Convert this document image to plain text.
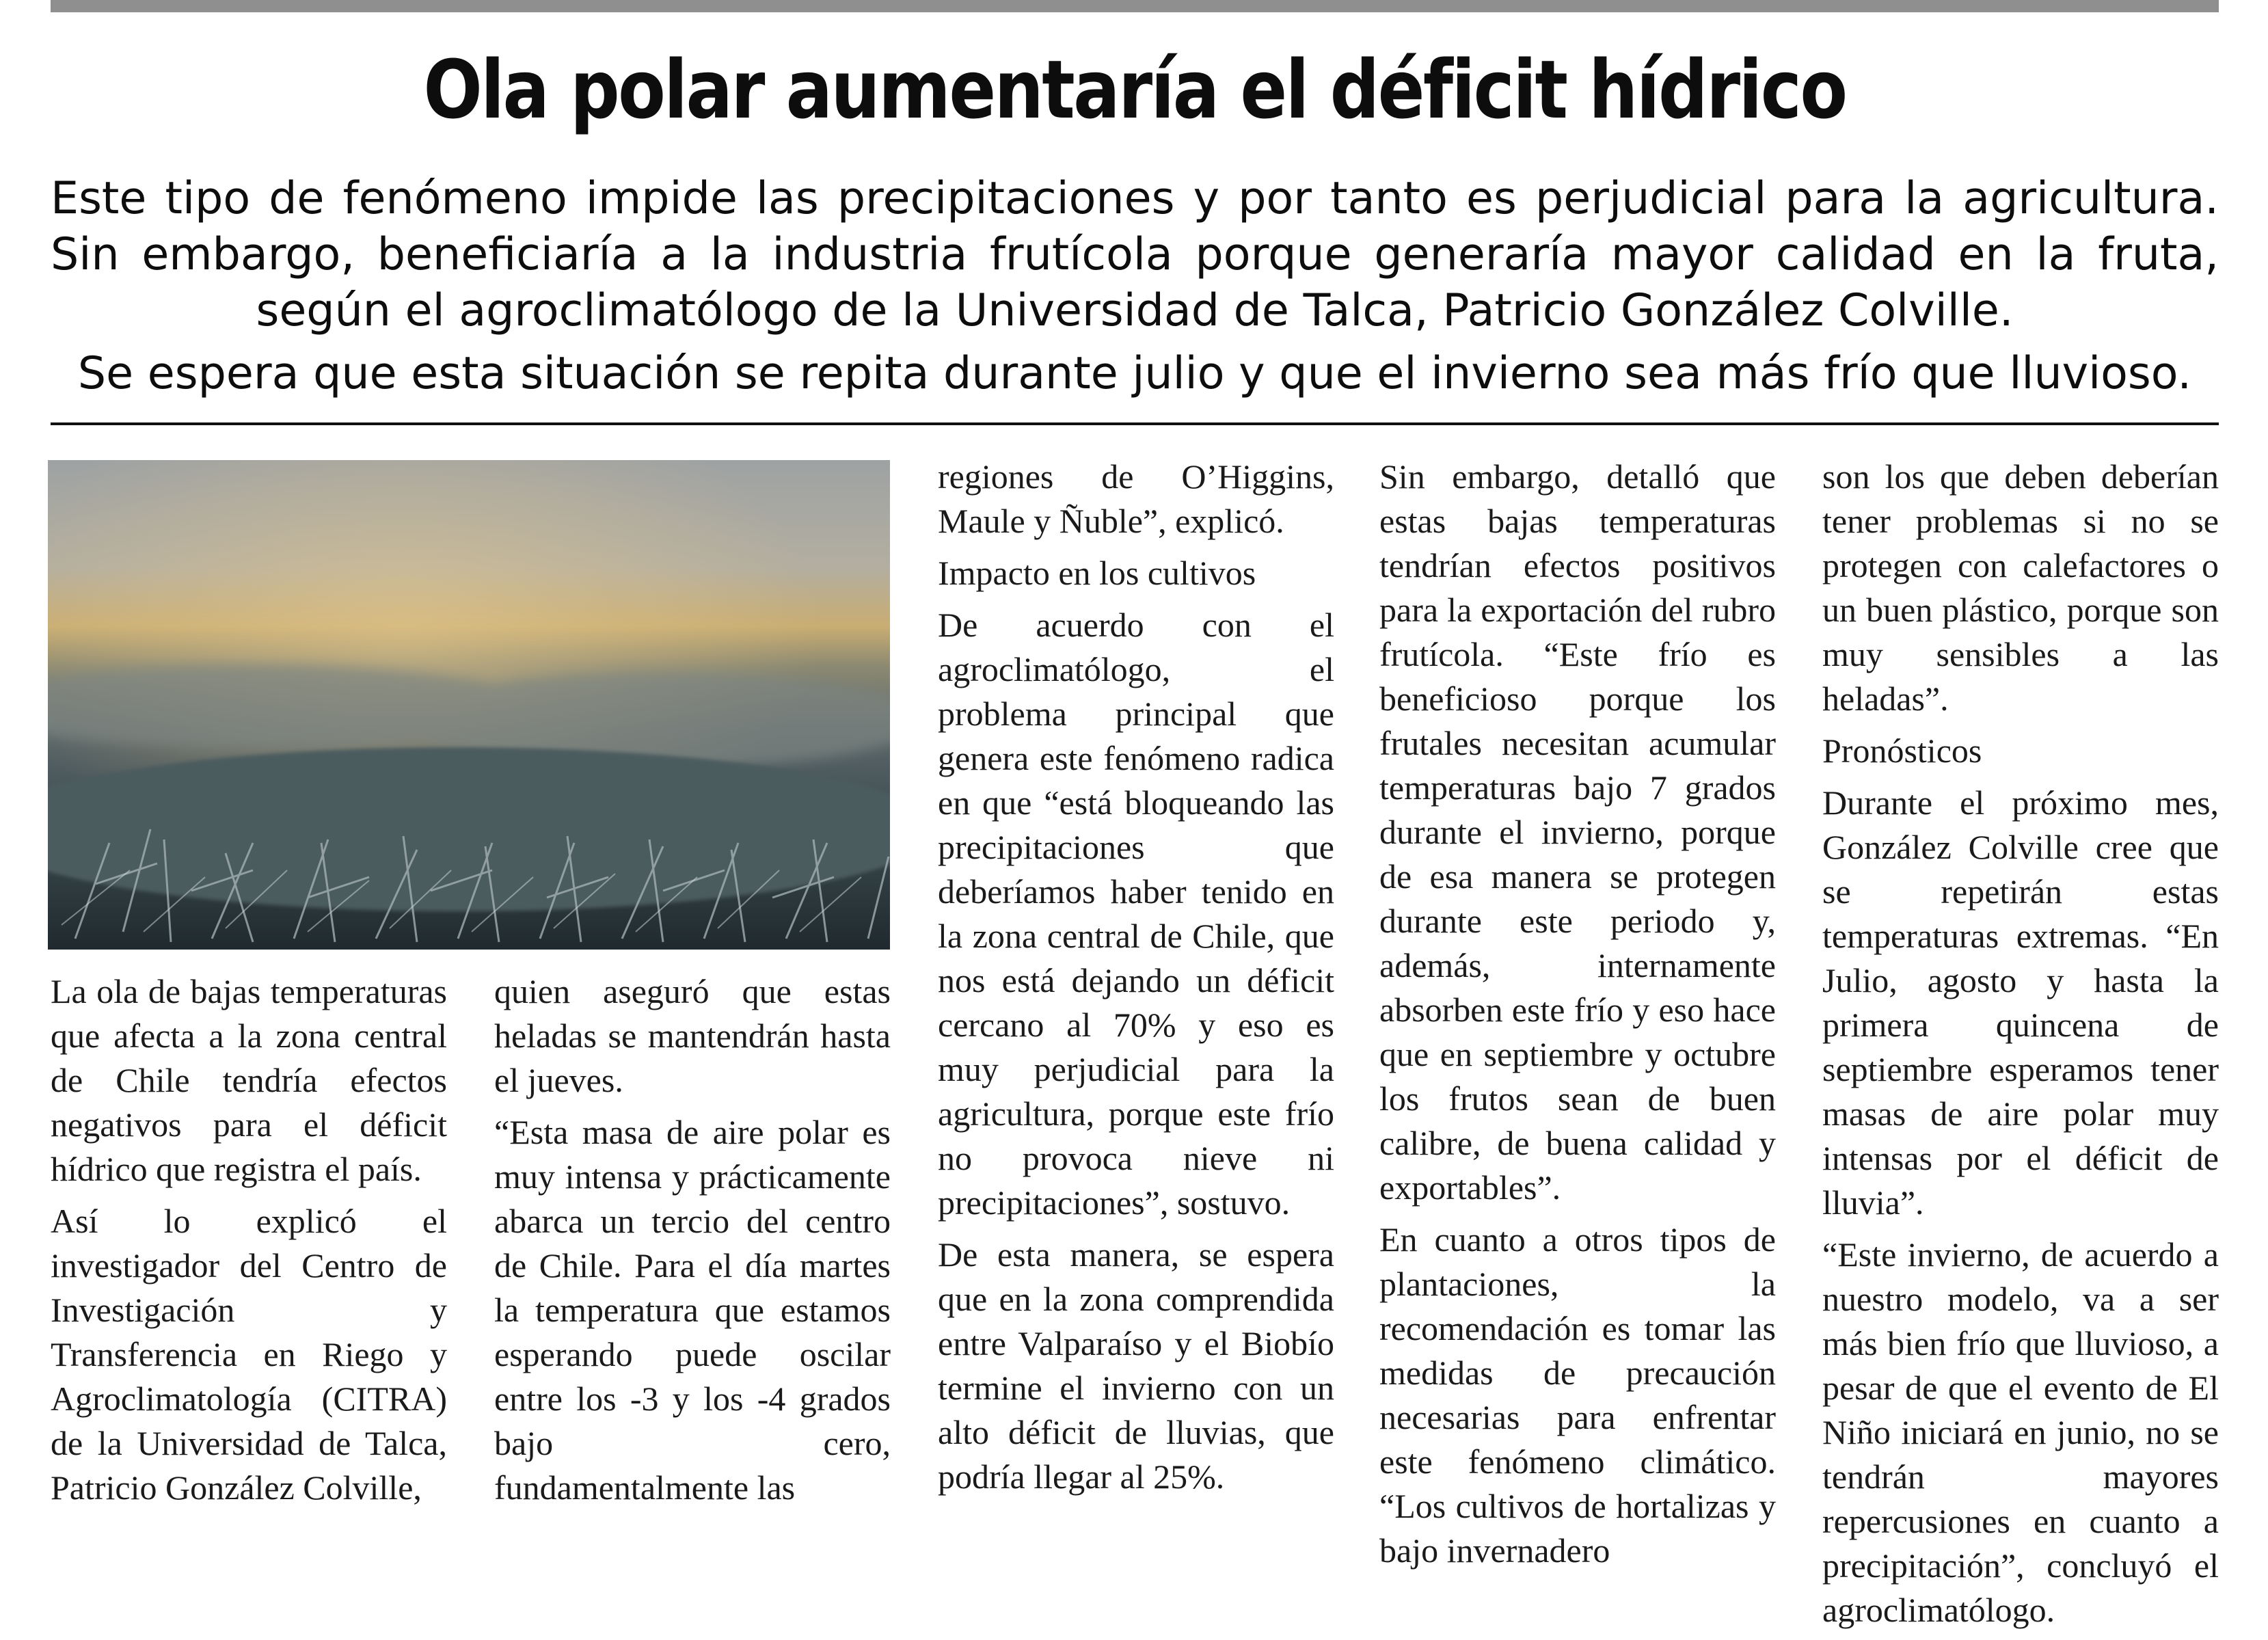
Ola polar aumentaría el déficit hídrico

Este tipo de fenómeno impide las precipitaciones y por tanto es perjudicial para la agricultura. Sin embargo, beneficiaría a la industria frutícola porque generaría mayor calidad en la fruta, según el agroclimatólogo de la Universidad de Talca, Patricio González Colville.

Se espera que esta situación se repita durante julio y que el invierno sea más frío que lluvioso.

La ola de bajas temperaturas que afecta a la zona central de Chile tendría efectos negativos para el déficit hídrico que registra el país.

Así lo explicó el investigador del Centro de Investigación y Transferencia en Riego y Agroclimatología (CITRA) de la Universidad de Talca, Patricio González Colville,

quien aseguró que estas heladas se mantendrán hasta el jueves.

“Esta masa de aire polar es muy intensa y prácticamente abarca un tercio del centro de Chile. Para el día martes la temperatura que estamos esperando puede oscilar entre los -3 y los -4 grados bajo cero, fundamentalmente las

regiones de O’Higgins, Maule y Ñuble”, explicó.

Impacto en los cultivos

De acuerdo con el agroclimatólogo, el problema principal que genera este fenómeno radica en que “está bloqueando las precipitaciones que deberíamos haber tenido en la zona central de Chile, que nos está dejando un déficit cercano al 70% y eso es muy perjudicial para la agricultura, porque este frío no provoca nieve ni precipitaciones”, sostuvo.

De esta manera, se espera que en la zona comprendida entre Valparaíso y el Biobío termine el invierno con un alto déficit de lluvias, que podría llegar al 25%.

Sin embargo, detalló que estas bajas temperaturas tendrían efectos positivos para la exportación del rubro frutícola. “Este frío es beneficioso porque los frutales necesitan acumular temperaturas bajo 7 grados durante el invierno, porque de esa manera se protegen durante este periodo y, además, internamente absorben este frío y eso hace que en septiembre y octubre los frutos sean de buen calibre, de buena calidad y exportables”.

En cuanto a otros tipos de plantaciones, la recomendación es tomar las medidas de precaución necesarias para enfrentar este fenómeno climático. “Los cultivos de hortalizas y bajo invernadero

son los que deben deberían tener problemas si no se protegen con calefactores o un buen plástico, porque son muy sensibles a las heladas”.

Pronósticos

Durante el próximo mes, González Colville cree que se repetirán estas temperaturas extremas. “En Julio, agosto y hasta la primera quincena de septiembre esperamos tener masas de aire polar muy intensas por el déficit de lluvia”.

“Este invierno, de acuerdo a nuestro modelo, va a ser más bien frío que lluvioso, a pesar de que el evento de El Niño iniciará en junio, no se tendrán mayores repercusiones en cuanto a precipitación”, concluyó el agroclimatólogo.
